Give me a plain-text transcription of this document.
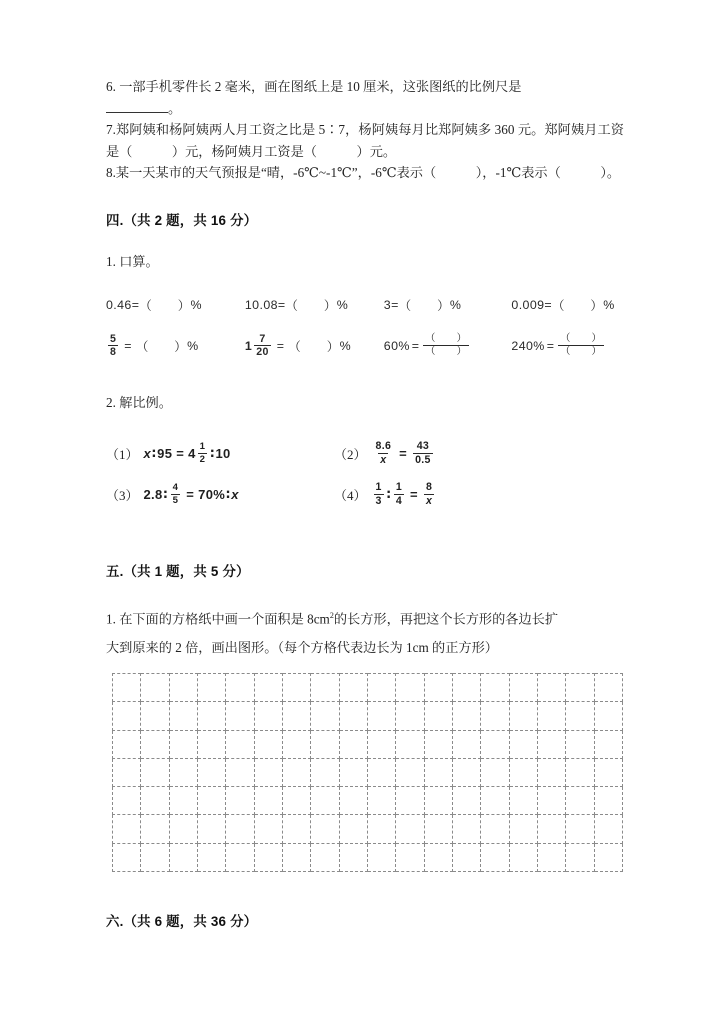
6. 一部手机零件长 2 毫米，画在图纸上是 10 厘米，这张图纸的比例尺是
。
7.郑阿姨和杨阿姨两人月工资之比是 5∶7，杨阿姨每月比郑阿姨多 360 元。郑阿姨月工资是（　　　）元，杨阿姨月工资是（　　　）元。
8.某一天某市的天气预报是“晴，-6℃~-1℃”，-6℃表示（　　　），-1℃表示（　　　）。
四.（共 2 题，共 16 分）
1. 口算。
0.46= （　　） %	10.08= （　　） %	3= （　　） %	0.009= （　　） %
$\frac{5}{8}$ = （　　） %	$1 \frac{7}{20}$ = （　　） %	$60\% = \frac{( )}{( )}$	$240\% = \frac{( )}{( )}$
2. 解比例。
（1） x ∶ $95 = 4 \frac{1}{2}$ ∶ 10	$(2) \frac{8.6}{x} = \frac{43}{0.5}$
（3） 2.8 ∶ $\frac{4}{5} = 70\%$ ∶ x	$(4) \frac{1}{3}$ ∶ $\frac{1}{4} = \frac{8}{x}$
五.（共 1 题，共 5 分）
1. 在下面的方格纸中画一个面积是 $8cm^2$的长方形，再把这个长方形的各边长扩
大到原来的 2 倍，画出图形。（每个方格代表边长为 1cm 的正方形）

六.（共 6 题，共 36 分）
